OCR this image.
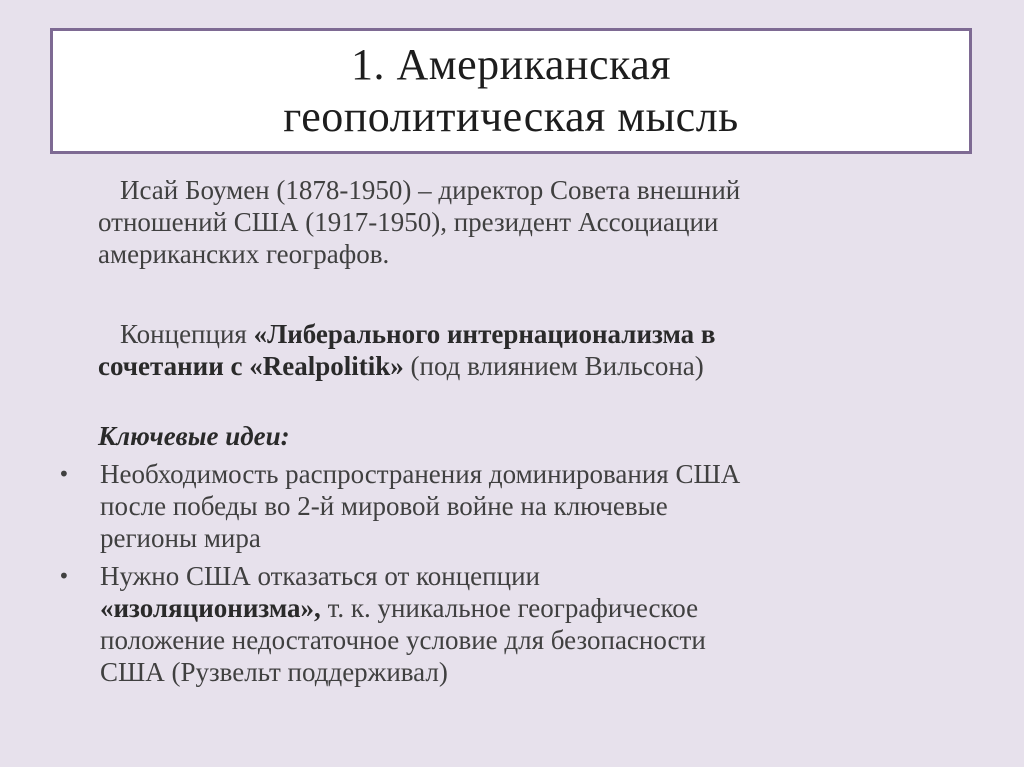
1. Американская
геополитическая мысль
Исай Боумен (1878-1950) – директор Совета внешний
отношений США (1917-1950), президент Ассоциации
американских географов.
Концепция «Либерального интернационализма в
сочетании с «Realpolitik» (под влиянием Вильсона)
Ключевые идеи:
•	Необходимость распространения доминирования США
после победы во 2-й мировой войне на ключевые
регионы мира
•	Нужно США отказаться от концепции
«изоляционизма», т. к. уникальное географическое
положение недостаточное условие для безопасности
США (Рузвельт поддерживал)
